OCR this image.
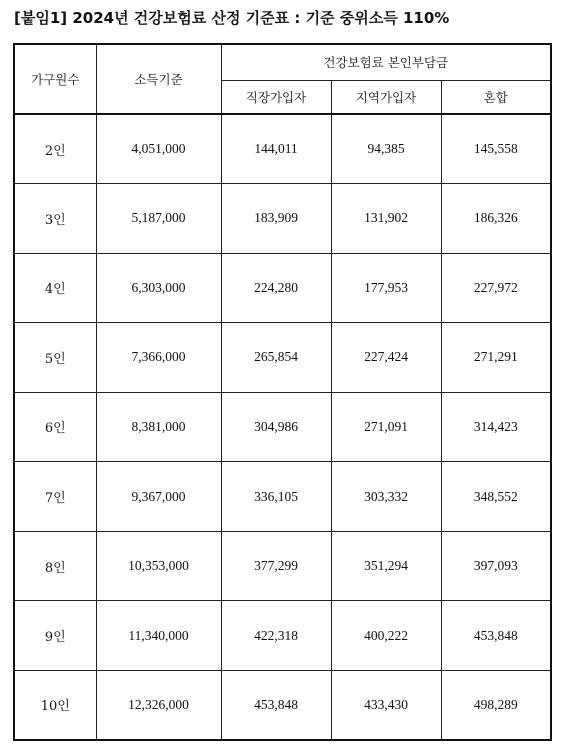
[붙임1] 2024년 건강보험료 산정 기준표 : 기준 중위소득 110%
가구원수	소득기준	건강보험료 본인부담금		
		직장가입자	지역가입자	혼합
2인	4,051,000	144,011	94,385	145,558
3인	5,187,000	183,909	131,902	186,326
4인	6,303,000	224,280	177,953	227,972
5인	7,366,000	265,854	227,424	271,291
6인	8,381,000	304,986	271,091	314,423
7인	9,367,000	336,105	303,332	348,552
8인	10,353,000	377,299	351,294	397,093
9인	11,340,000	422,318	400,222	453,848
10인	12,326,000	453,848	433,430	498,289
